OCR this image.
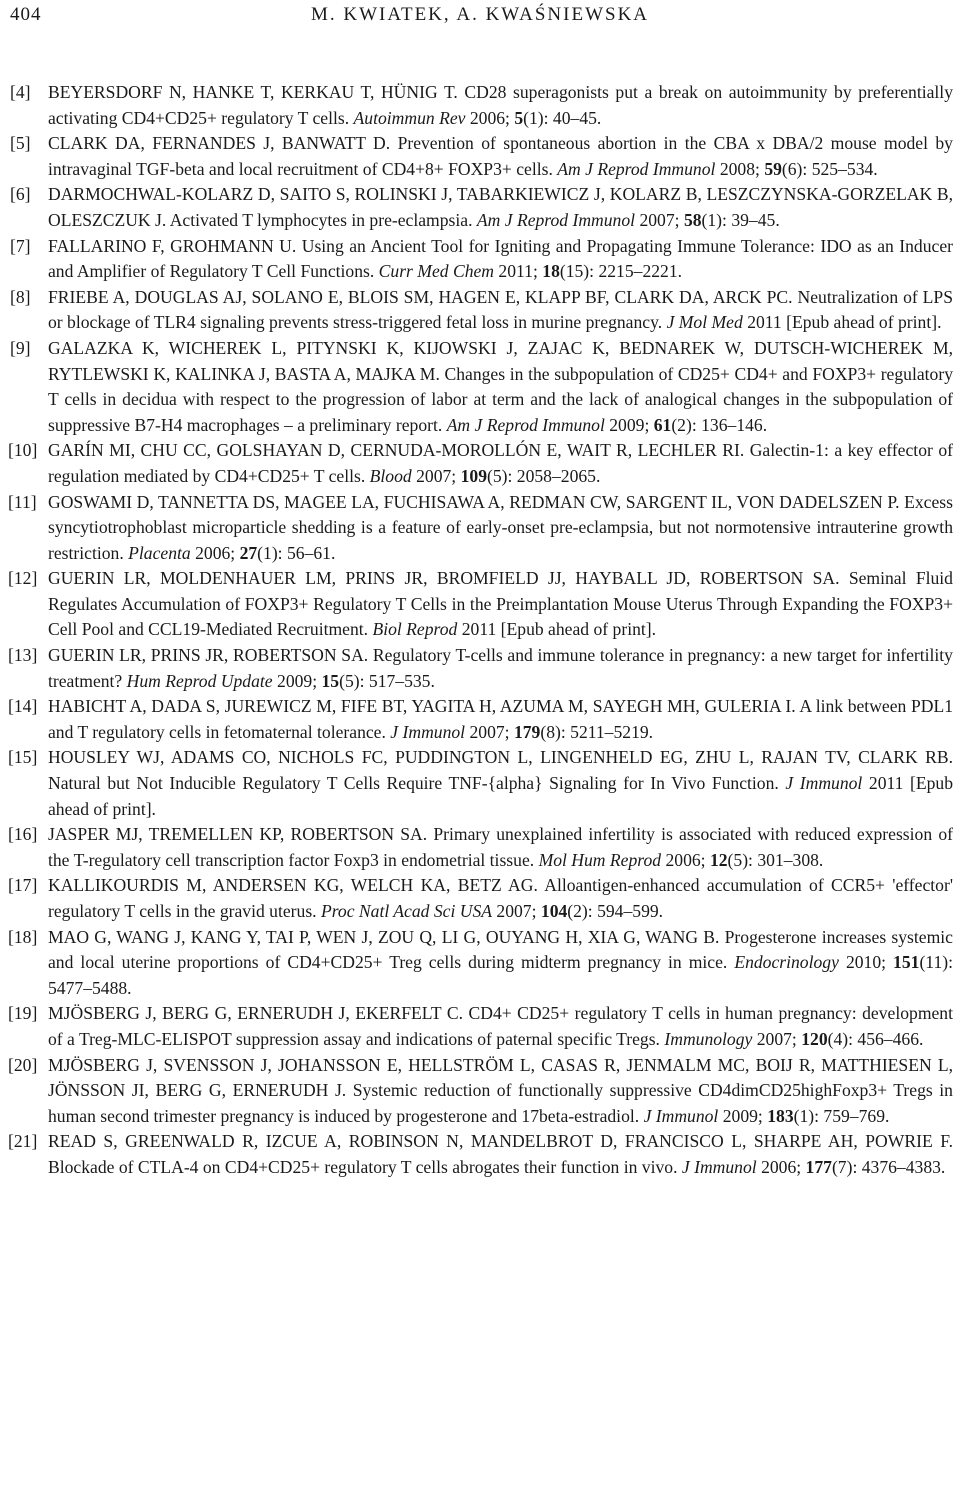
404	M. KWIATEK, A. KWAŚNIEWSKA

[4] BEYERSDORF N, HANKE T, KERKAU T, HÜNIG T. CD28 superagonists put a break on autoimmunity by preferentially activating CD4+CD25+ regulatory T cells. Autoimmun Rev 2006; 5(1): 40–45.

[5] CLARK DA, FERNANDES J, BANWATT D. Prevention of spontaneous abortion in the CBA x DBA/2 mouse model by intravaginal TGF-beta and local recruitment of CD4+8+ FOXP3+ cells. Am J Reprod Immunol 2008; 59(6): 525–534.

[6] DARMOCHWAL-KOLARZ D, SAITO S, ROLINSKI J, TABARKIEWICZ J, KOLARZ B, LESZCZYNSKA-GORZELAK B, OLESZCZUK J. Activated T lymphocytes in pre-eclampsia. Am J Reprod Immunol 2007; 58(1): 39–45.

[7] FALLARINO F, GROHMANN U. Using an Ancient Tool for Igniting and Propagating Immune Tolerance: IDO as an Inducer and Amplifier of Regulatory T Cell Functions. Curr Med Chem 2011; 18(15): 2215–2221.

[8] FRIEBE A, DOUGLAS AJ, SOLANO E, BLOIS SM, HAGEN E, KLAPP BF, CLARK DA, ARCK PC. Neutralization of LPS or blockage of TLR4 signaling prevents stress-triggered fetal loss in murine pregnancy. J Mol Med 2011 [Epub ahead of print].

[9] GALAZKA K, WICHEREK L, PITYNSKI K, KIJOWSKI J, ZAJAC K, BEDNAREK W, DUTSCH-WICHEREK M, RYTLEWSKI K, KALINKA J, BASTA A, MAJKA M. Changes in the subpopulation of CD25+ CD4+ and FOXP3+ regulatory T cells in decidua with respect to the progression of labor at term and the lack of analogical changes in the subpopulation of suppressive B7-H4 macrophages – a preliminary report. Am J Reprod Immunol 2009; 61(2): 136–146.

[10] GARÍN MI, CHU CC, GOLSHAYAN D, CERNUDA-MOROLLÓN E, WAIT R, LECHLER RI. Galectin-1: a key effector of regulation mediated by CD4+CD25+ T cells. Blood 2007; 109(5): 2058–2065.

[11] GOSWAMI D, TANNETTA DS, MAGEE LA, FUCHISAWA A, REDMAN CW, SARGENT IL, VON DADELSZEN P. Excess syncytiotrophoblast microparticle shedding is a feature of early-onset pre-eclampsia, but not normotensive intrauterine growth restriction. Placenta 2006; 27(1): 56–61.

[12] GUERIN LR, MOLDENHAUER LM, PRINS JR, BROMFIELD JJ, HAYBALL JD, ROBERTSON SA. Seminal Fluid Regulates Accumulation of FOXP3+ Regulatory T Cells in the Preimplantation Mouse Uterus Through Expanding the FOXP3+ Cell Pool and CCL19-Mediated Recruitment. Biol Reprod 2011 [Epub ahead of print].

[13] GUERIN LR, PRINS JR, ROBERTSON SA. Regulatory T-cells and immune tolerance in pregnancy: a new target for infertility treatment? Hum Reprod Update 2009; 15(5): 517–535.

[14] HABICHT A, DADA S, JUREWICZ M, FIFE BT, YAGITA H, AZUMA M, SAYEGH MH, GULERIA I. A link between PDL1 and T regulatory cells in fetomaternal tolerance. J Immunol 2007; 179(8): 5211–5219.

[15] HOUSLEY WJ, ADAMS CO, NICHOLS FC, PUDDINGTON L, LINGENHELD EG, ZHU L, RAJAN TV, CLARK RB. Natural but Not Inducible Regulatory T Cells Require TNF-{alpha} Signaling for In Vivo Function. J Immunol 2011 [Epub ahead of print].

[16] JASPER MJ, TREMELLEN KP, ROBERTSON SA. Primary unexplained infertility is associated with reduced expression of the T-regulatory cell transcription factor Foxp3 in endometrial tissue. Mol Hum Reprod 2006; 12(5): 301–308.

[17] KALLIKOURDIS M, ANDERSEN KG, WELCH KA, BETZ AG. Alloantigen-enhanced accumulation of CCR5+ 'effector' regulatory T cells in the gravid uterus. Proc Natl Acad Sci USA 2007; 104(2): 594–599.

[18] MAO G, WANG J, KANG Y, TAI P, WEN J, ZOU Q, LI G, OUYANG H, XIA G, WANG B. Progesterone increases systemic and local uterine proportions of CD4+CD25+ Treg cells during midterm pregnancy in mice. Endocrinology 2010; 151(11): 5477–5488.

[19] MJÖSBERG J, BERG G, ERNERUDH J, EKERFELT C. CD4+ CD25+ regulatory T cells in human pregnancy: development of a Treg-MLC-ELISPOT suppression assay and indications of paternal specific Tregs. Immunology 2007; 120(4): 456–466.

[20] MJÖSBERG J, SVENSSON J, JOHANSSON E, HELLSTRÖM L, CASAS R, JENMALM MC, BOIJ R, MATTHIESEN L, JÖNSSON JI, BERG G, ERNERUDH J. Systemic reduction of functionally suppressive CD4dimCD25highFoxp3+ Tregs in human second trimester pregnancy is induced by progesterone and 17beta-estradiol. J Immunol 2009; 183(1): 759–769.

[21] READ S, GREENWALD R, IZCUE A, ROBINSON N, MANDELBROT D, FRANCISCO L, SHARPE AH, POWRIE F. Blockade of CTLA-4 on CD4+CD25+ regulatory T cells abrogates their function in vivo. J Immunol 2006; 177(7): 4376–4383.
